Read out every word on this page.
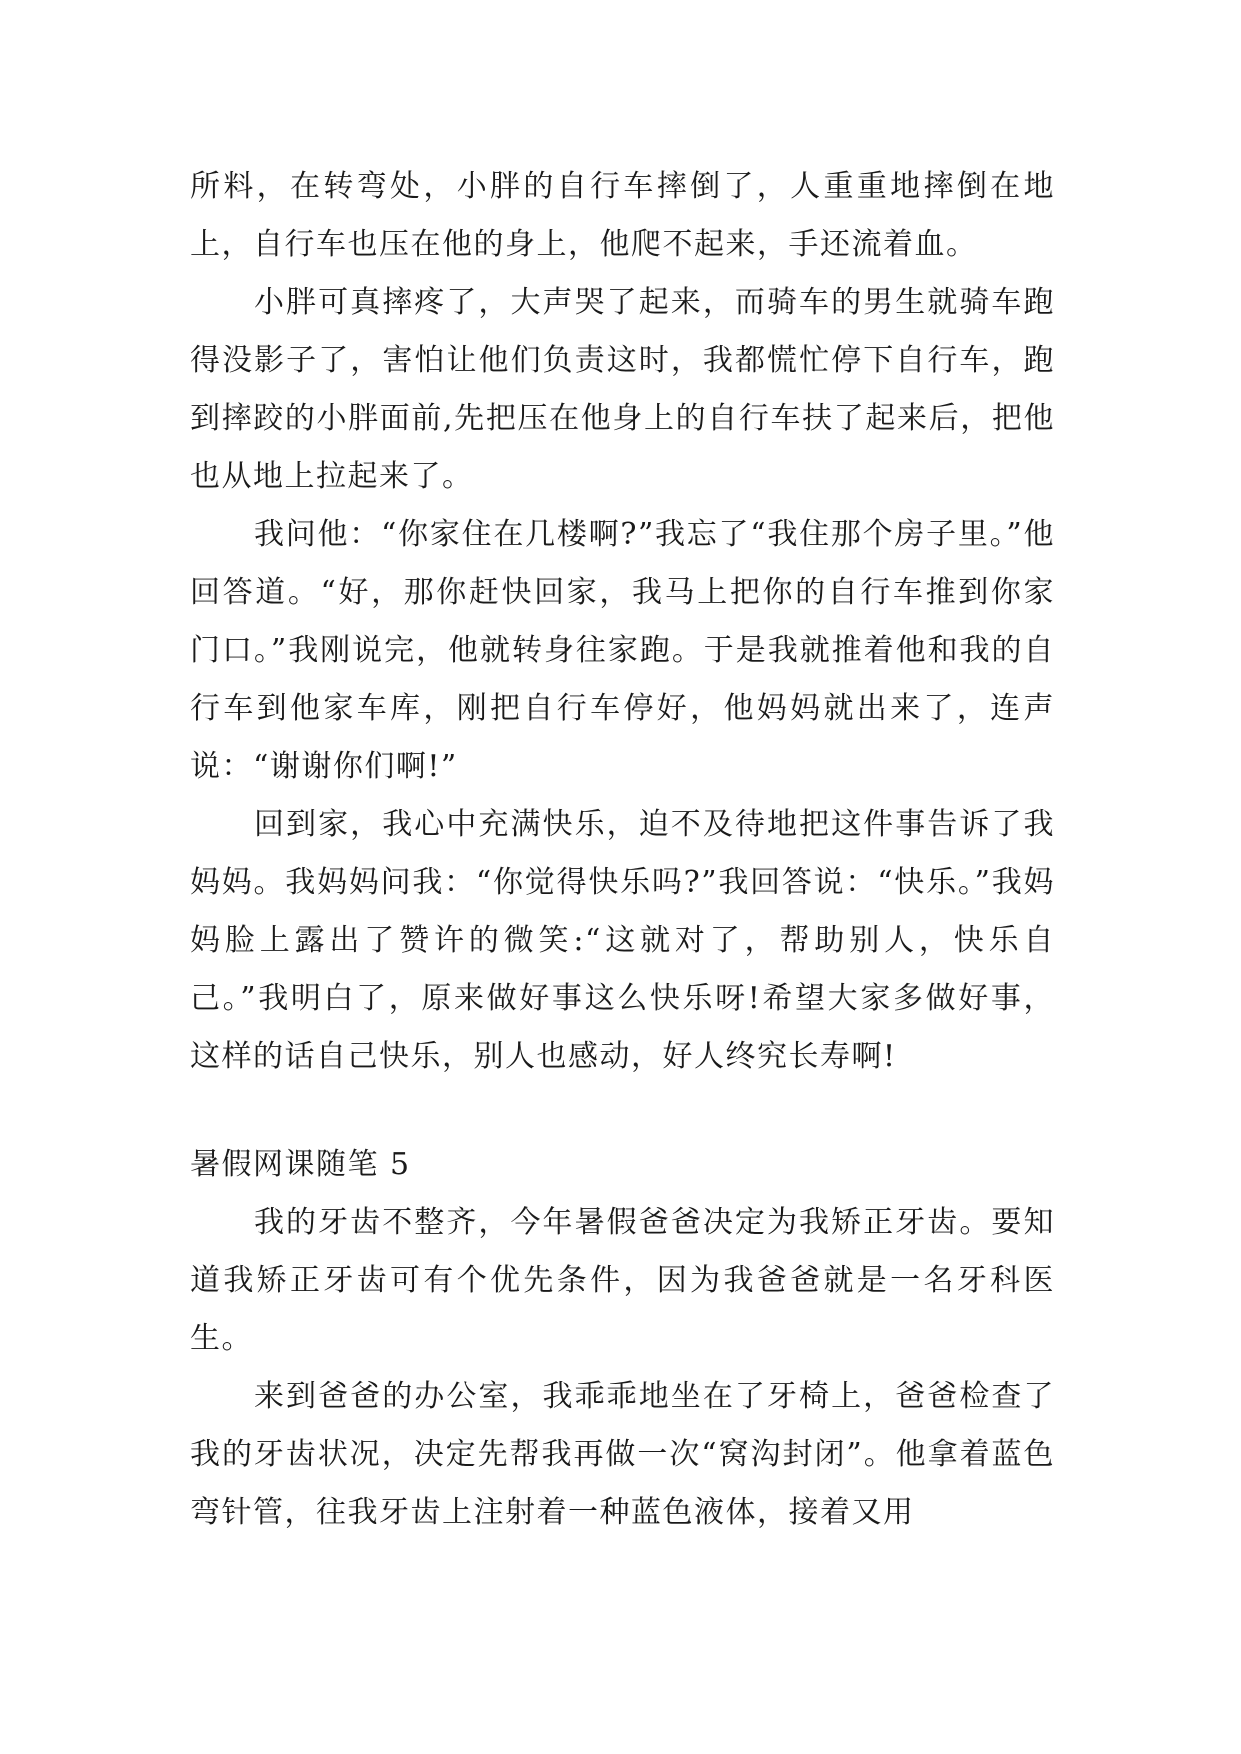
所料，在转弯处，小胖的自行车摔倒了，人重重地摔倒在地上，自行车也压在他的身上，他爬不起来，手还流着血。

小胖可真摔疼了，大声哭了起来，而骑车的男生就骑车跑得没影子了，害怕让他们负责这时，我都慌忙停下自行车，跑到摔跤的小胖面前,先把压在他身上的自行车扶了起来后，把他也从地上拉起来了。

我问他：“你家住在几楼啊?”我忘了“我住那个房子里。”他回答道。“好，那你赶快回家，我马上把你的自行车推到你家门口。”我刚说完，他就转身往家跑。于是我就推着他和我的自行车到他家车库，刚把自行车停好，他妈妈就出来了，连声说：“谢谢你们啊!”

回到家，我心中充满快乐，迫不及待地把这件事告诉了我妈妈。我妈妈问我：“你觉得快乐吗?”我回答说：“快乐。”我妈妈脸上露出了赞许的微笑:“这就对了，帮助别人，快乐自己。”我明白了，原来做好事这么快乐呀!希望大家多做好事，这样的话自己快乐，别人也感动，好人终究长寿啊!

暑假网课随笔 5

我的牙齿不整齐，今年暑假爸爸决定为我矫正牙齿。要知道我矫正牙齿可有个优先条件，因为我爸爸就是一名牙科医生。

来到爸爸的办公室，我乖乖地坐在了牙椅上，爸爸检查了我的牙齿状况，决定先帮我再做一次“窝沟封闭”。他拿着蓝色弯针管，往我牙齿上注射着一种蓝色液体，接着又用
